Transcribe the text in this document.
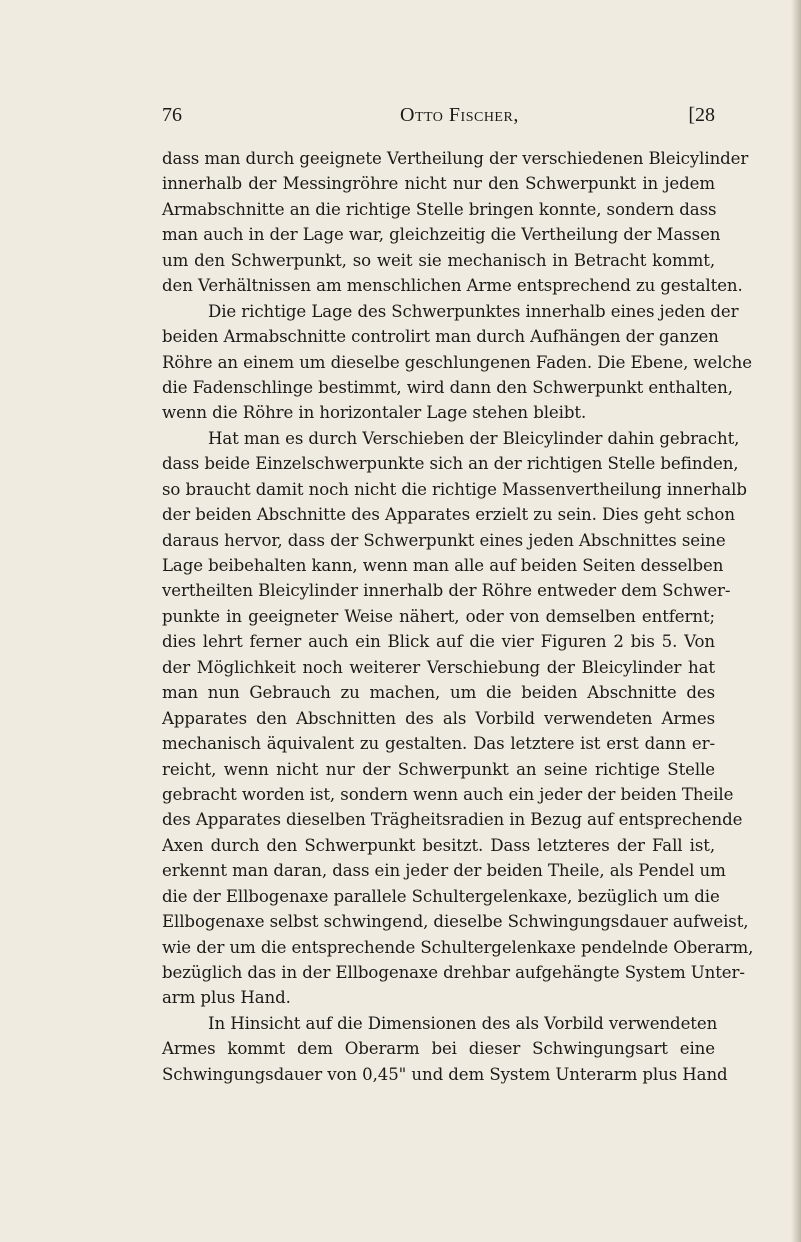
76	Otto Fischer,	[28
dass man durch geeignete Vertheilung der verschiedenen Bleicylinder
innerhalb der Messingröhre nicht nur den Schwerpunkt in jedem
Armabschnitte an die richtige Stelle bringen konnte, sondern dass
man auch in der Lage war, gleichzeitig die Vertheilung der Massen
um den Schwerpunkt, so weit sie mechanisch in Betracht kommt,
den Verhältnissen am menschlichen Arme entsprechend zu gestalten.
Die richtige Lage des Schwerpunktes innerhalb eines jeden der
beiden Armabschnitte controlirt man durch Aufhängen der ganzen
Röhre an einem um dieselbe geschlungenen Faden. Die Ebene, welche
die Fadenschlinge bestimmt, wird dann den Schwerpunkt enthalten,
wenn die Röhre in horizontaler Lage stehen bleibt.
Hat man es durch Verschieben der Bleicylinder dahin gebracht,
dass beide Einzelschwerpunkte sich an der richtigen Stelle befinden,
so braucht damit noch nicht die richtige Massenvertheilung innerhalb
der beiden Abschnitte des Apparates erzielt zu sein. Dies geht schon
daraus hervor, dass der Schwerpunkt eines jeden Abschnittes seine
Lage beibehalten kann, wenn man alle auf beiden Seiten desselben
vertheilten Bleicylinder innerhalb der Röhre entweder dem Schwer-
punkte in geeigneter Weise nähert, oder von demselben entfernt;
dies lehrt ferner auch ein Blick auf die vier Figuren 2 bis 5. Von
der Möglichkeit noch weiterer Verschiebung der Bleicylinder hat
man nun Gebrauch zu machen, um die beiden Abschnitte des
Apparates den Abschnitten des als Vorbild verwendeten Armes
mechanisch äquivalent zu gestalten. Das letztere ist erst dann er-
reicht, wenn nicht nur der Schwerpunkt an seine richtige Stelle
gebracht worden ist, sondern wenn auch ein jeder der beiden Theile
des Apparates dieselben Trägheitsradien in Bezug auf entsprechende
Axen durch den Schwerpunkt besitzt. Dass letzteres der Fall ist,
erkennt man daran, dass ein jeder der beiden Theile, als Pendel um
die der Ellbogenaxe parallele Schultergelenkaxe, bezüglich um die
Ellbogenaxe selbst schwingend, dieselbe Schwingungsdauer aufweist,
wie der um die entsprechende Schultergelenkaxe pendelnde Oberarm,
bezüglich das in der Ellbogenaxe drehbar aufgehängte System Unter-
arm plus Hand.
In Hinsicht auf die Dimensionen des als Vorbild verwendeten
Armes kommt dem Oberarm bei dieser Schwingungsart eine
Schwingungsdauer von 0,45" und dem System Unterarm plus Hand
